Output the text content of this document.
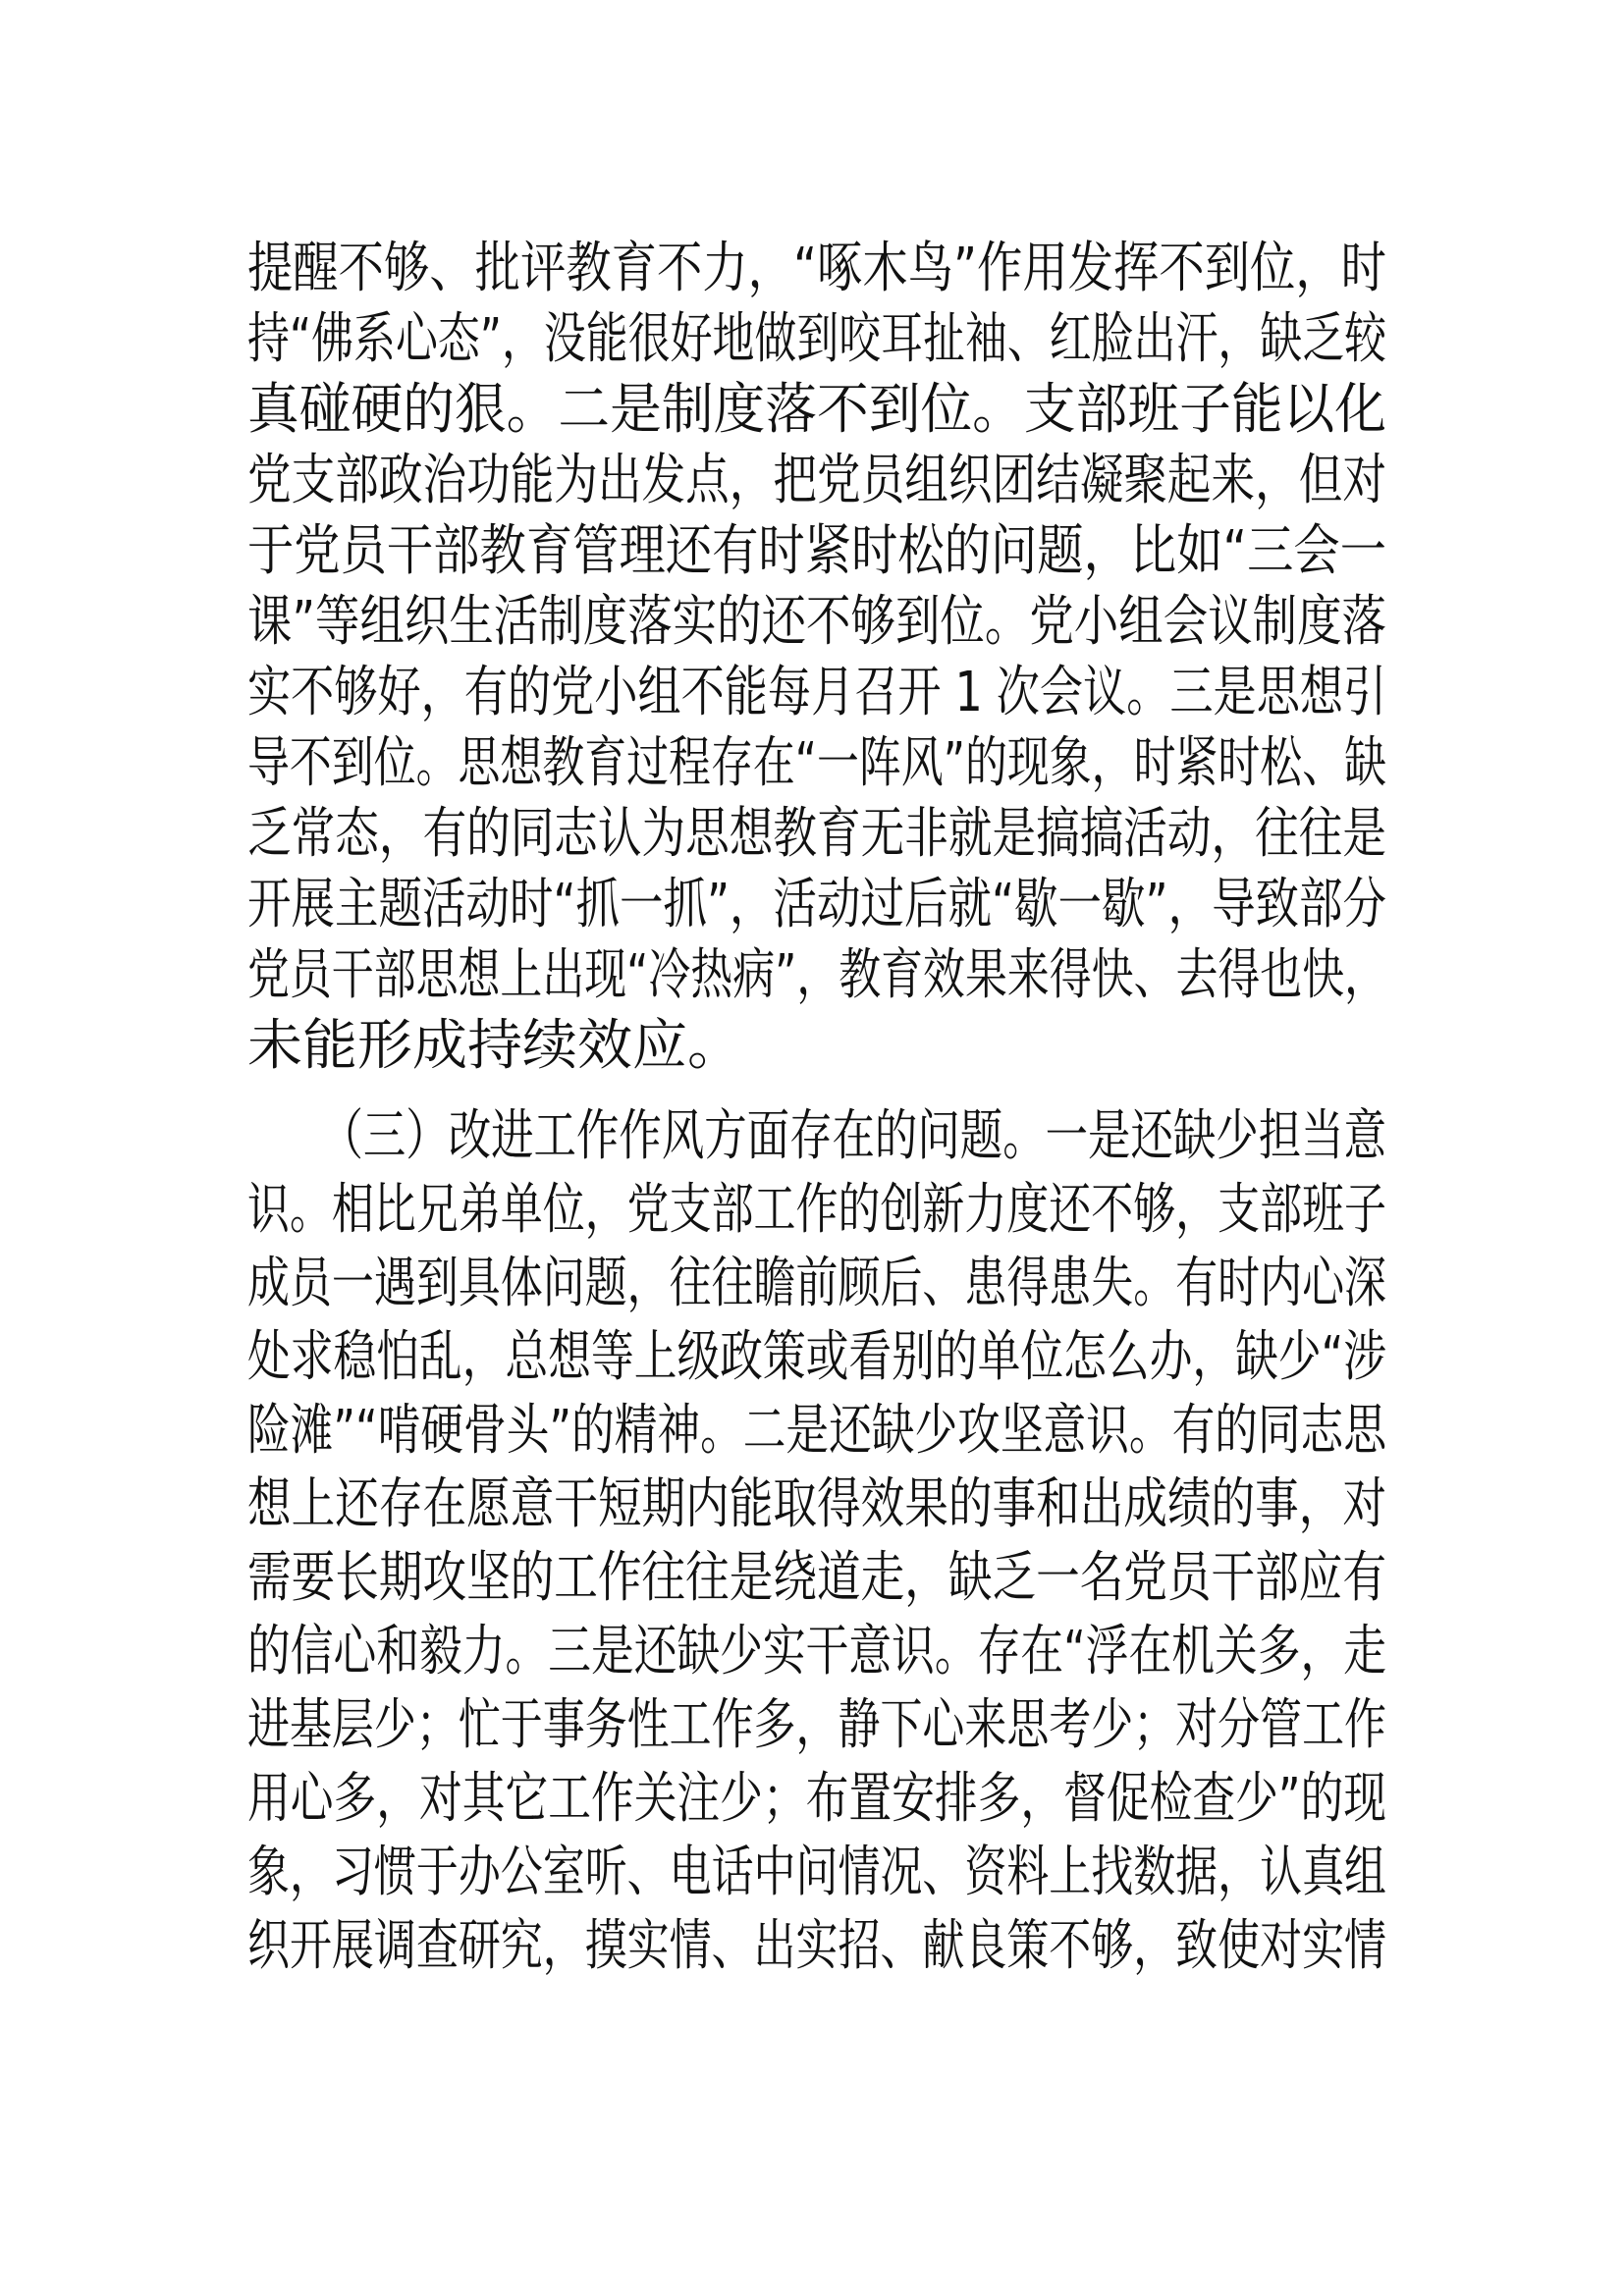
提醒不够、批评教育不力，“啄木鸟”作用发挥不到位，时
持“佛系心态”，没能很好地做到咬耳扯袖、红脸出汗，缺乏较
真碰硬的狠。二是制度落不到位。支部班子能以化
党支部政治功能为出发点，把党员组织团结凝聚起来，但对
于党员干部教育管理还有时紧时松的问题，比如“三会一
课”等组织生活制度落实的还不够到位。党小组会议制度落
实不够好，有的党小组不能每月召开 1 次会议。三是思想引
导不到位。思想教育过程存在“一阵风”的现象，时紧时松、缺
乏常态，有的同志认为思想教育无非就是搞搞活动，往往是
开展主题活动时“抓一抓”，活动过后就“歇一歇”，导致部分
党员干部思想上出现“冷热病”，教育效果来得快、去得也快，
未能形成持续效应。
（三）改进工作作风方面存在的问题。一是还缺少担当意
识。相比兄弟单位，党支部工作的创新力度还不够，支部班子
成员一遇到具体问题，往往瞻前顾后、患得患失。有时内心深
处求稳怕乱，总想等上级政策或看别的单位怎么办，缺少“涉
险滩”“啃硬骨头”的精神。二是还缺少攻坚意识。有的同志思
想上还存在愿意干短期内能取得效果的事和出成绩的事，对
需要长期攻坚的工作往往是绕道走，缺乏一名党员干部应有
的信心和毅力。三是还缺少实干意识。存在“浮在机关多，走
进基层少；忙于事务性工作多，静下心来思考少；对分管工作
用心多，对其它工作关注少；布置安排多，督促检查少”的现
象，习惯于办公室听、电话中问情况、资料上找数据，认真组
织开展调查研究，摸实情、出实招、献良策不够，致使对实情
